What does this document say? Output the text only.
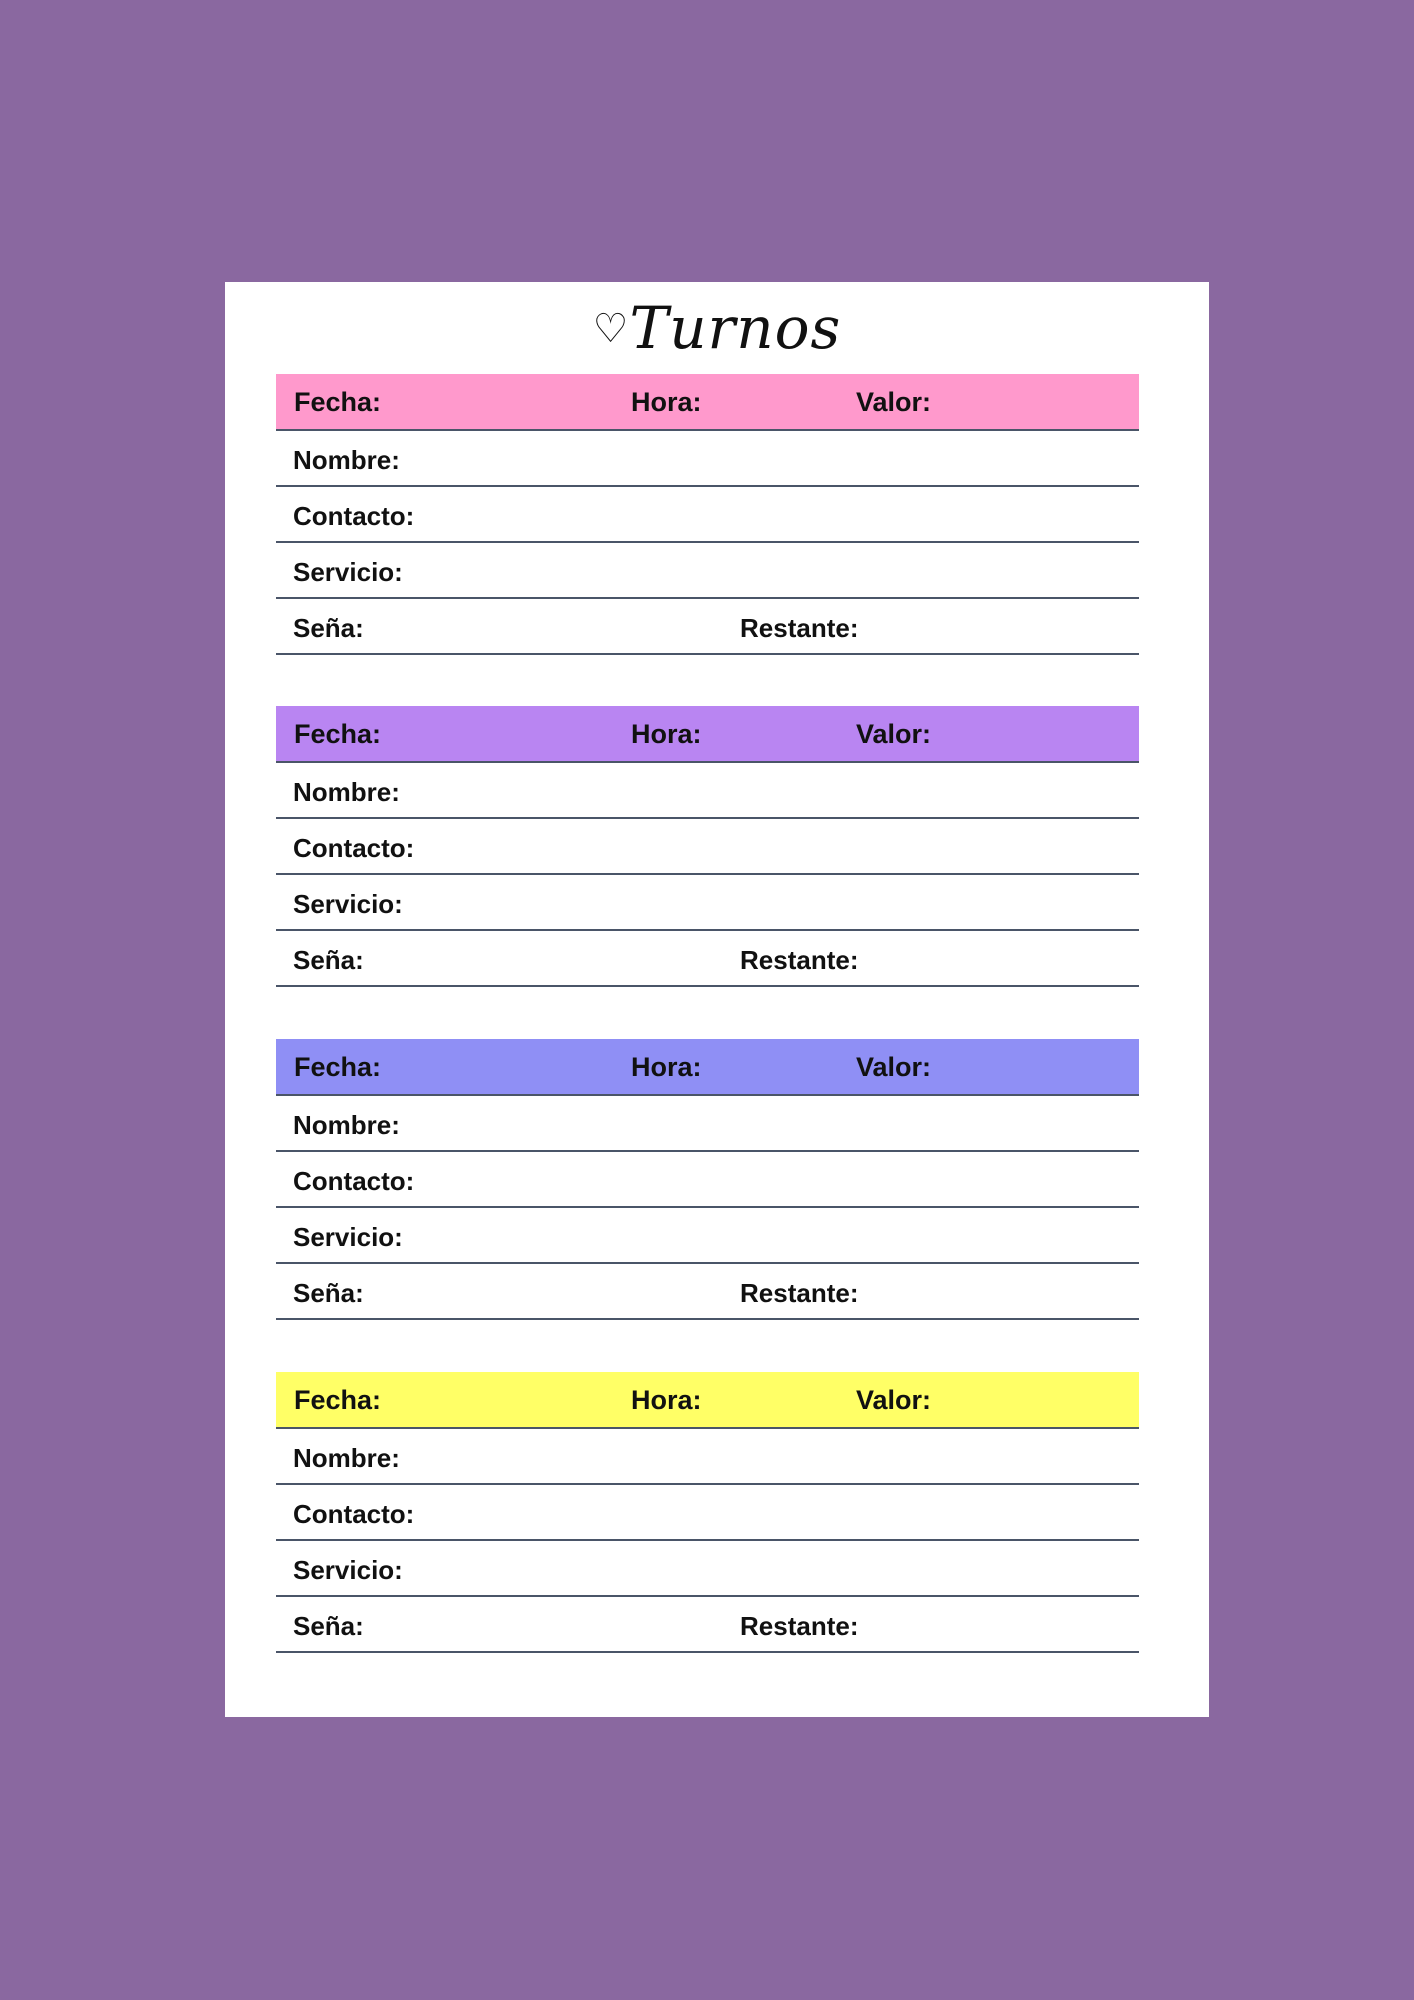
♡Turnos
Fecha:	Hora:	Valor:
Nombre:
Contacto:
Servicio:
Seña:	Restante:
Fecha:	Hora:	Valor:
Nombre:
Contacto:
Servicio:
Seña:	Restante:
Fecha:	Hora:	Valor:
Nombre:
Contacto:
Servicio:
Seña:	Restante:
Fecha:	Hora:	Valor:
Nombre:
Contacto:
Servicio:
Seña:	Restante:
